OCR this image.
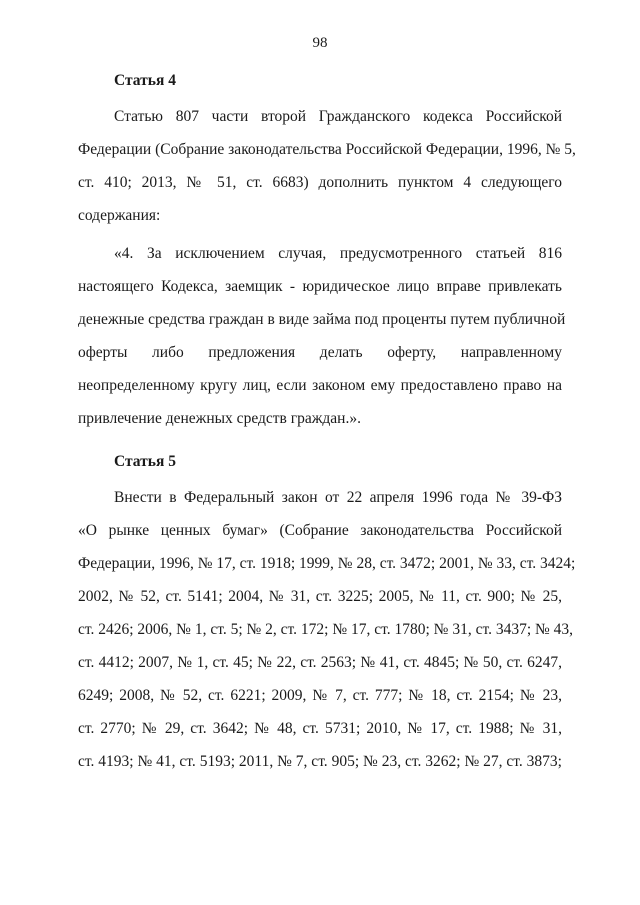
98
Статья 4
Статью 807 части второй Гражданского кодекса Российской
Федерации (Собрание законодательства Российской Федерации, 1996, № 5,
ст. 410; 2013, № 51, ст. 6683) дополнить пунктом 4 следующего
содержания:
«4. За исключением случая, предусмотренного статьей 816
настоящего Кодекса, заемщик - юридическое лицо вправе привлекать
денежные средства граждан в виде займа под проценты путем публичной
оферты либо предложения делать оферту, направленному
неопределенному кругу лиц, если законом ему предоставлено право на
привлечение денежных средств граждан.».
Статья 5
Внести в Федеральный закон от 22 апреля 1996 года № 39-ФЗ
«О рынке ценных бумаг» (Собрание законодательства Российской
Федерации, 1996, № 17, ст. 1918; 1999, № 28, ст. 3472; 2001, № 33, ст. 3424;
2002, № 52, ст. 5141; 2004, № 31, ст. 3225; 2005, № 11, ст. 900; № 25,
ст. 2426; 2006, № 1, ст. 5; № 2, ст. 172; № 17, ст. 1780; № 31, ст. 3437; № 43,
ст. 4412; 2007, № 1, ст. 45; № 22, ст. 2563; № 41, ст. 4845; № 50, ст. 6247,
6249; 2008, № 52, ст. 6221; 2009, № 7, ст. 777; № 18, ст. 2154; № 23,
ст. 2770; № 29, ст. 3642; № 48, ст. 5731; 2010, № 17, ст. 1988; № 31,
ст. 4193; № 41, ст. 5193; 2011, № 7, ст. 905; № 23, ст. 3262; № 27, ст. 3873;
